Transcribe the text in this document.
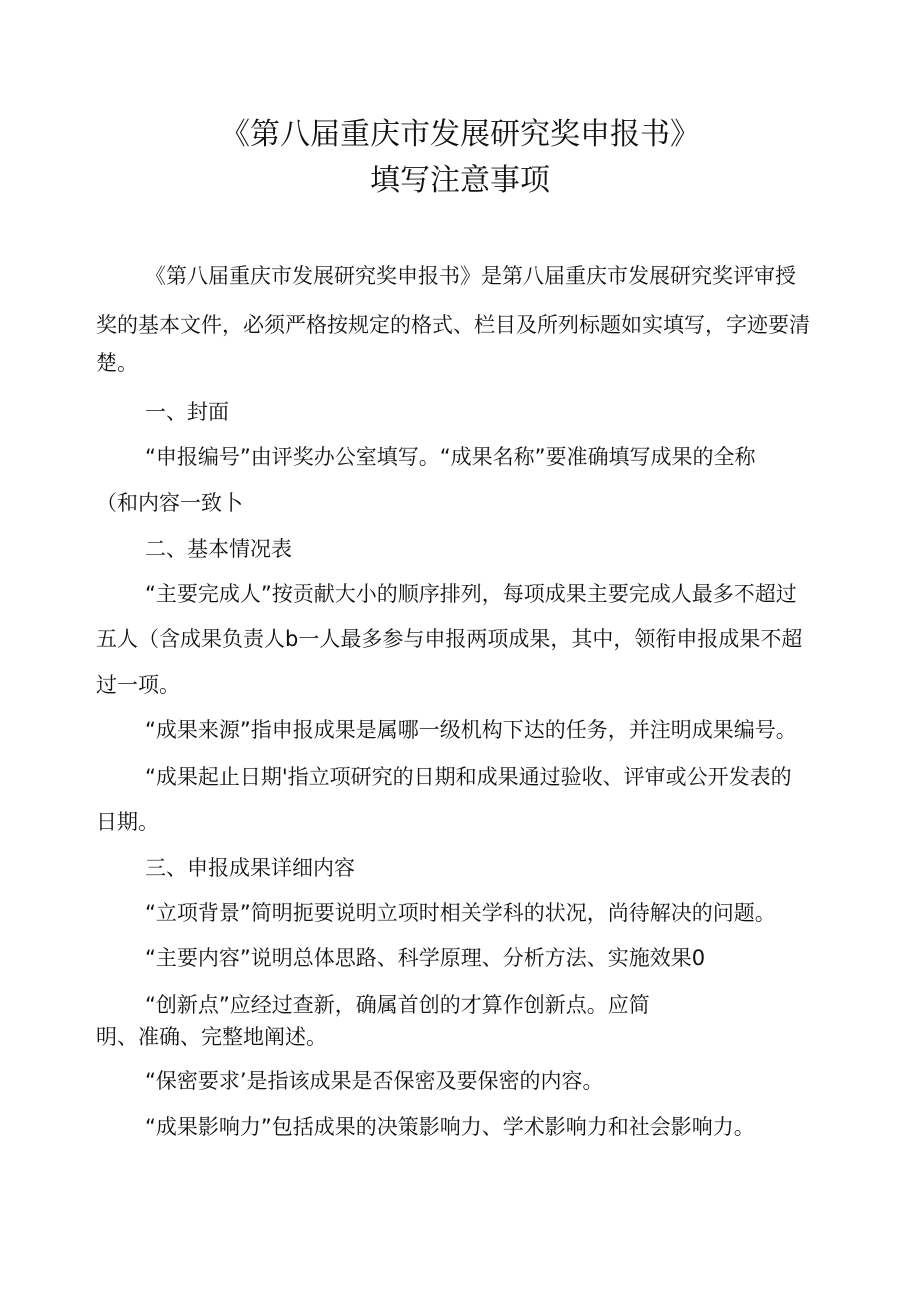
《第八届重庆市发展研究奖申报书》
填写注意事项
《第八届重庆市发展研究奖申报书》是第八届重庆市发展研究奖评审授
奖的基本文件，必须严格按规定的格式、栏目及所列标题如实填写，字迹要清
楚。
一、封面
“申报编号”由评奖办公室填写。“成果名称”要准确填写成果的全称
（和内容一致卜
二、基本情况表
“主要完成人”按贡献大小的顺序排列，每项成果主要完成人最多不超过
五人（含成果负责人b一人最多参与申报两项成果，其中，领衔申报成果不超
过一项。
“成果来源”指申报成果是属哪一级机构下达的任务，并注明成果编号。
“成果起止日期'指立项研究的日期和成果通过验收、评审或公开发表的
日期。
三、申报成果详细内容
“立项背景”简明扼要说明立项时相关学科的状况，尚待解决的问题。
“主要内容”说明总体思路、科学原理、分析方法、实施效果0
“创新点”应经过查新，确属首创的才算作创新点。应简
明、准确、完整地阐述。
“保密要求’是指该成果是否保密及要保密的内容。
“成果影响力”包括成果的决策影响力、学术影响力和社会影响力。
